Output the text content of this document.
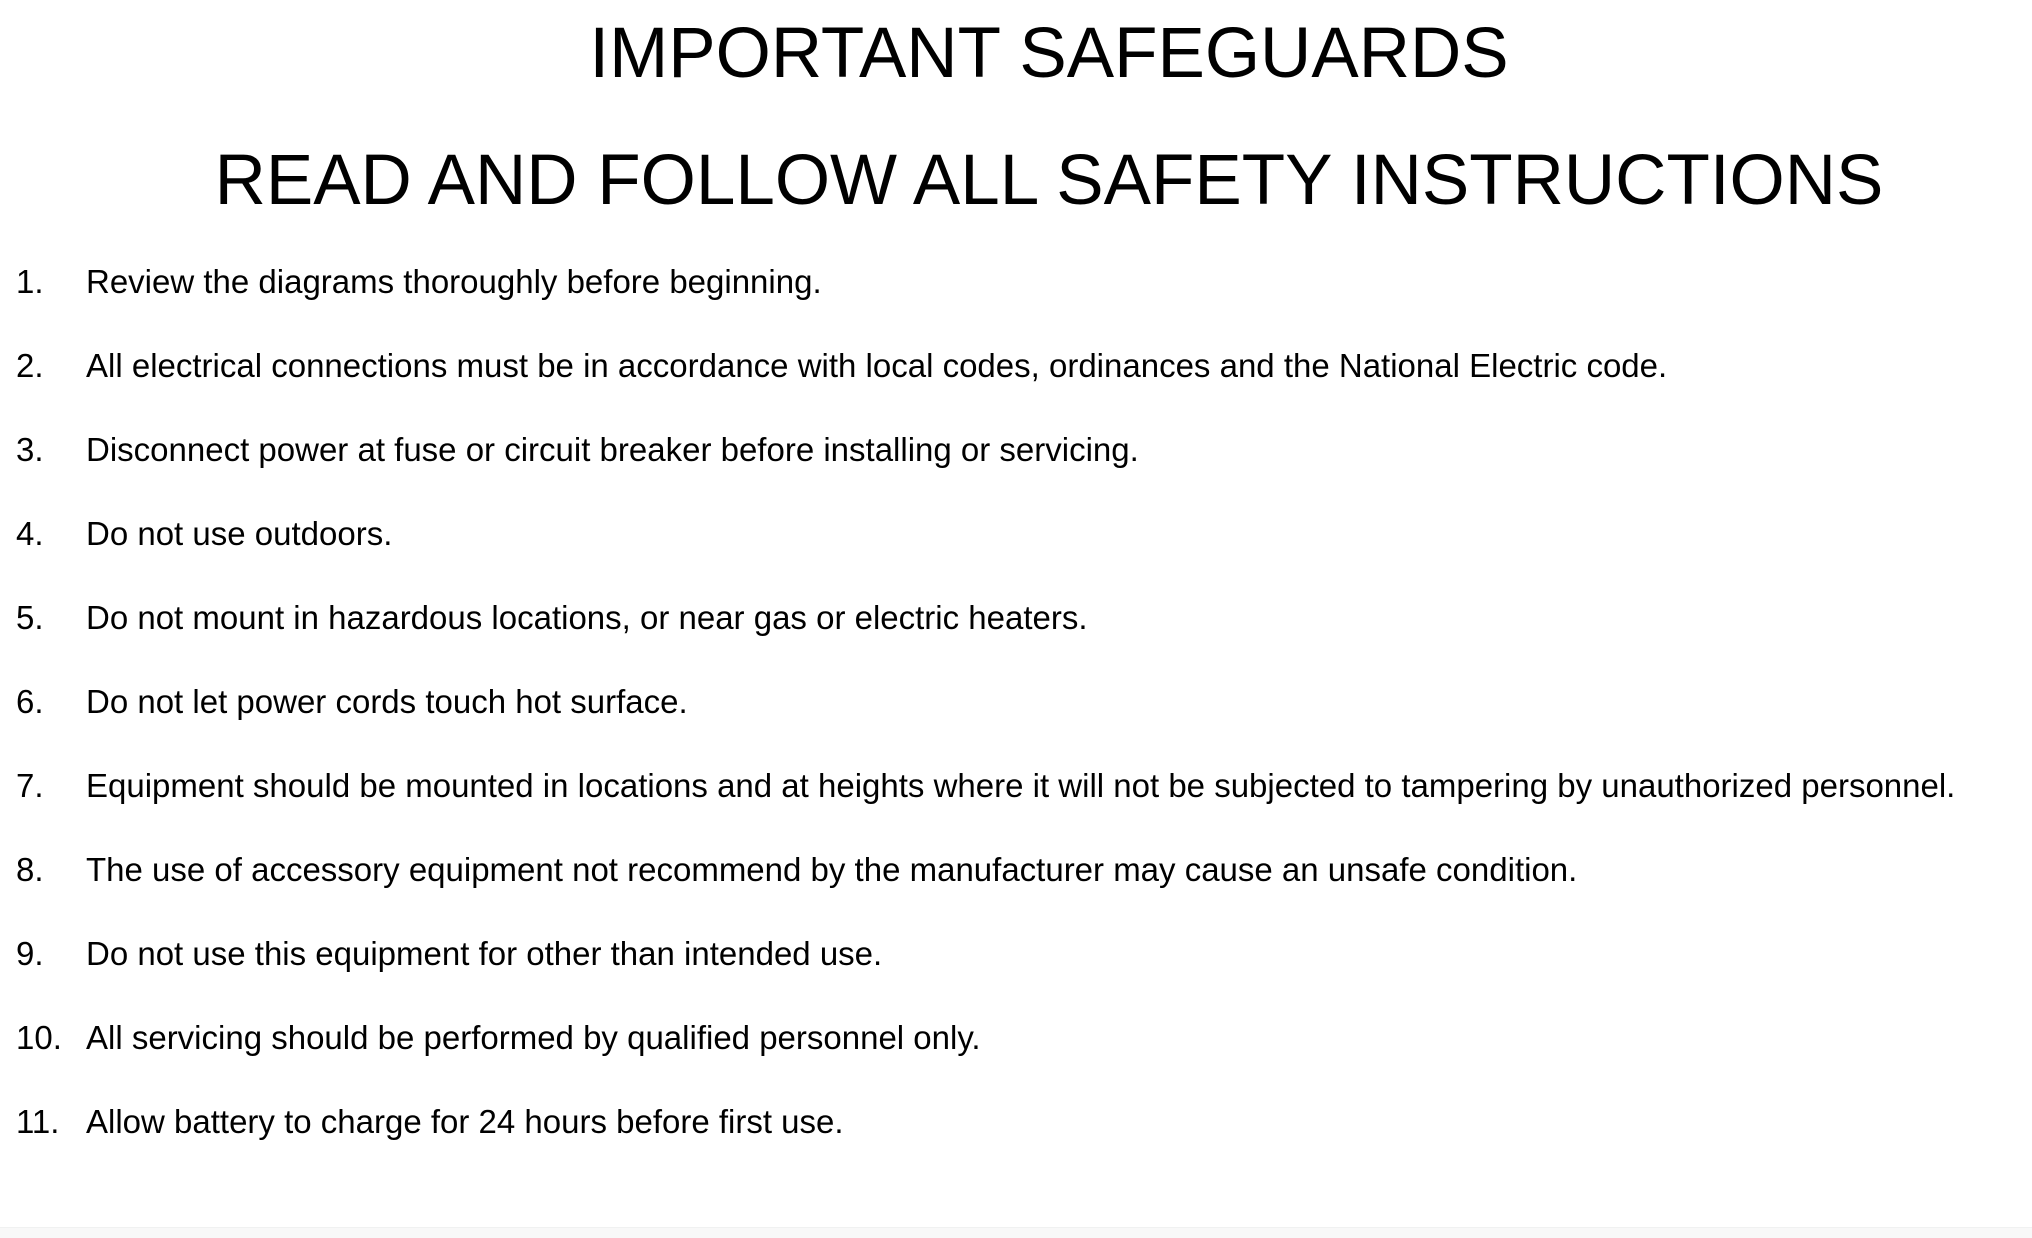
IMPORTANT SAFEGUARDS
READ AND FOLLOW ALL SAFETY INSTRUCTIONS
1.	Review the diagrams thoroughly before beginning.
2.	All electrical connections must be in accordance with local codes, ordinances and the National Electric code.
3.	Disconnect power at fuse or circuit breaker before installing or servicing.
4.	Do not use outdoors.
5.	Do not mount in hazardous locations, or near gas or electric heaters.
6.	Do not let power cords touch hot surface.
7.	Equipment should be mounted in locations and at heights where it will not be subjected to tampering by unauthorized personnel.
8.	The use of accessory equipment not recommend by the manufacturer may cause an unsafe condition.
9.	Do not use this equipment for other than intended use.
10. All servicing should be performed by qualified personnel only.
11. Allow battery to charge for 24 hours before first use.
